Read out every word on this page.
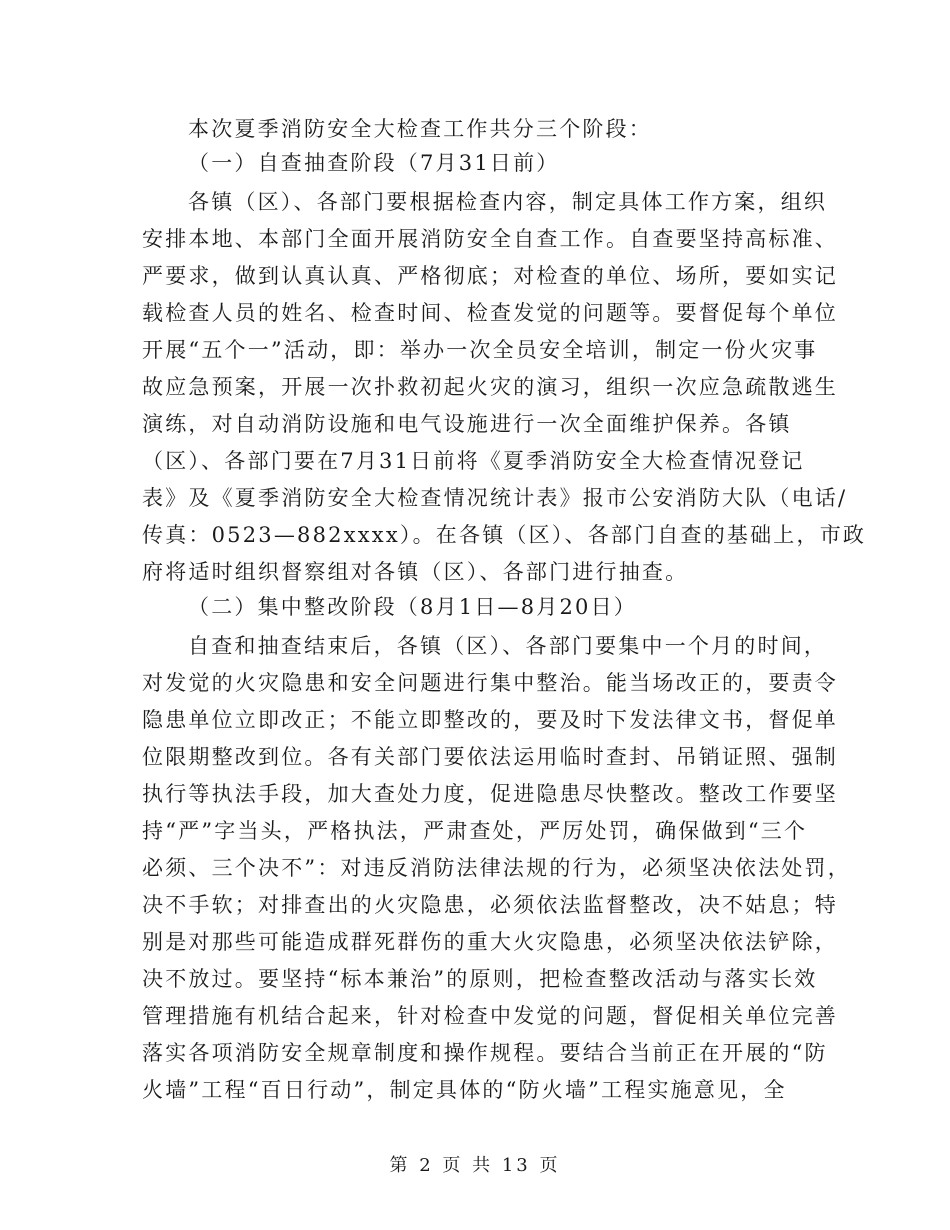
本次夏季消防安全大检查工作共分三个阶段：
（一）自查抽查阶段（7月31日前）
各镇（区）、各部门要根据检查内容，制定具体工作方案，组织
安排本地、本部门全面开展消防安全自查工作。自查要坚持高标准、
严要求，做到认真认真、严格彻底；对检查的单位、场所，要如实记
载检查人员的姓名、检查时间、检查发觉的问题等。要督促每个单位
开展“五个一”活动，即：举办一次全员安全培训，制定一份火灾事
故应急预案，开展一次扑救初起火灾的演习，组织一次应急疏散逃生
演练，对自动消防设施和电气设施进行一次全面维护保养。各镇
（区）、各部门要在7月31日前将《夏季消防安全大检查情况登记
表》及《夏季消防安全大检查情况统计表》报市公安消防大队（电话/
传真：0523—882xxxx）。在各镇（区）、各部门自查的基础上，市政
府将适时组织督察组对各镇（区）、各部门进行抽查。
（二）集中整改阶段（8月1日—8月20日）
自查和抽查结束后，各镇（区）、各部门要集中一个月的时间，
对发觉的火灾隐患和安全问题进行集中整治。能当场改正的，要责令
隐患单位立即改正；不能立即整改的，要及时下发法律文书，督促单
位限期整改到位。各有关部门要依法运用临时查封、吊销证照、强制
执行等执法手段，加大查处力度，促进隐患尽快整改。整改工作要坚
持“严”字当头，严格执法，严肃查处，严厉处罚，确保做到“三个
必须、三个决不”：对违反消防法律法规的行为，必须坚决依法处罚，
决不手软；对排查出的火灾隐患，必须依法监督整改，决不姑息；特
别是对那些可能造成群死群伤的重大火灾隐患，必须坚决依法铲除，
决不放过。要坚持“标本兼治”的原则，把检查整改活动与落实长效
管理措施有机结合起来，针对检查中发觉的问题，督促相关单位完善
落实各项消防安全规章制度和操作规程。要结合当前正在开展的“防
火墙”工程“百日行动”，制定具体的“防火墙”工程实施意见，全
第 2 页 共 13 页
